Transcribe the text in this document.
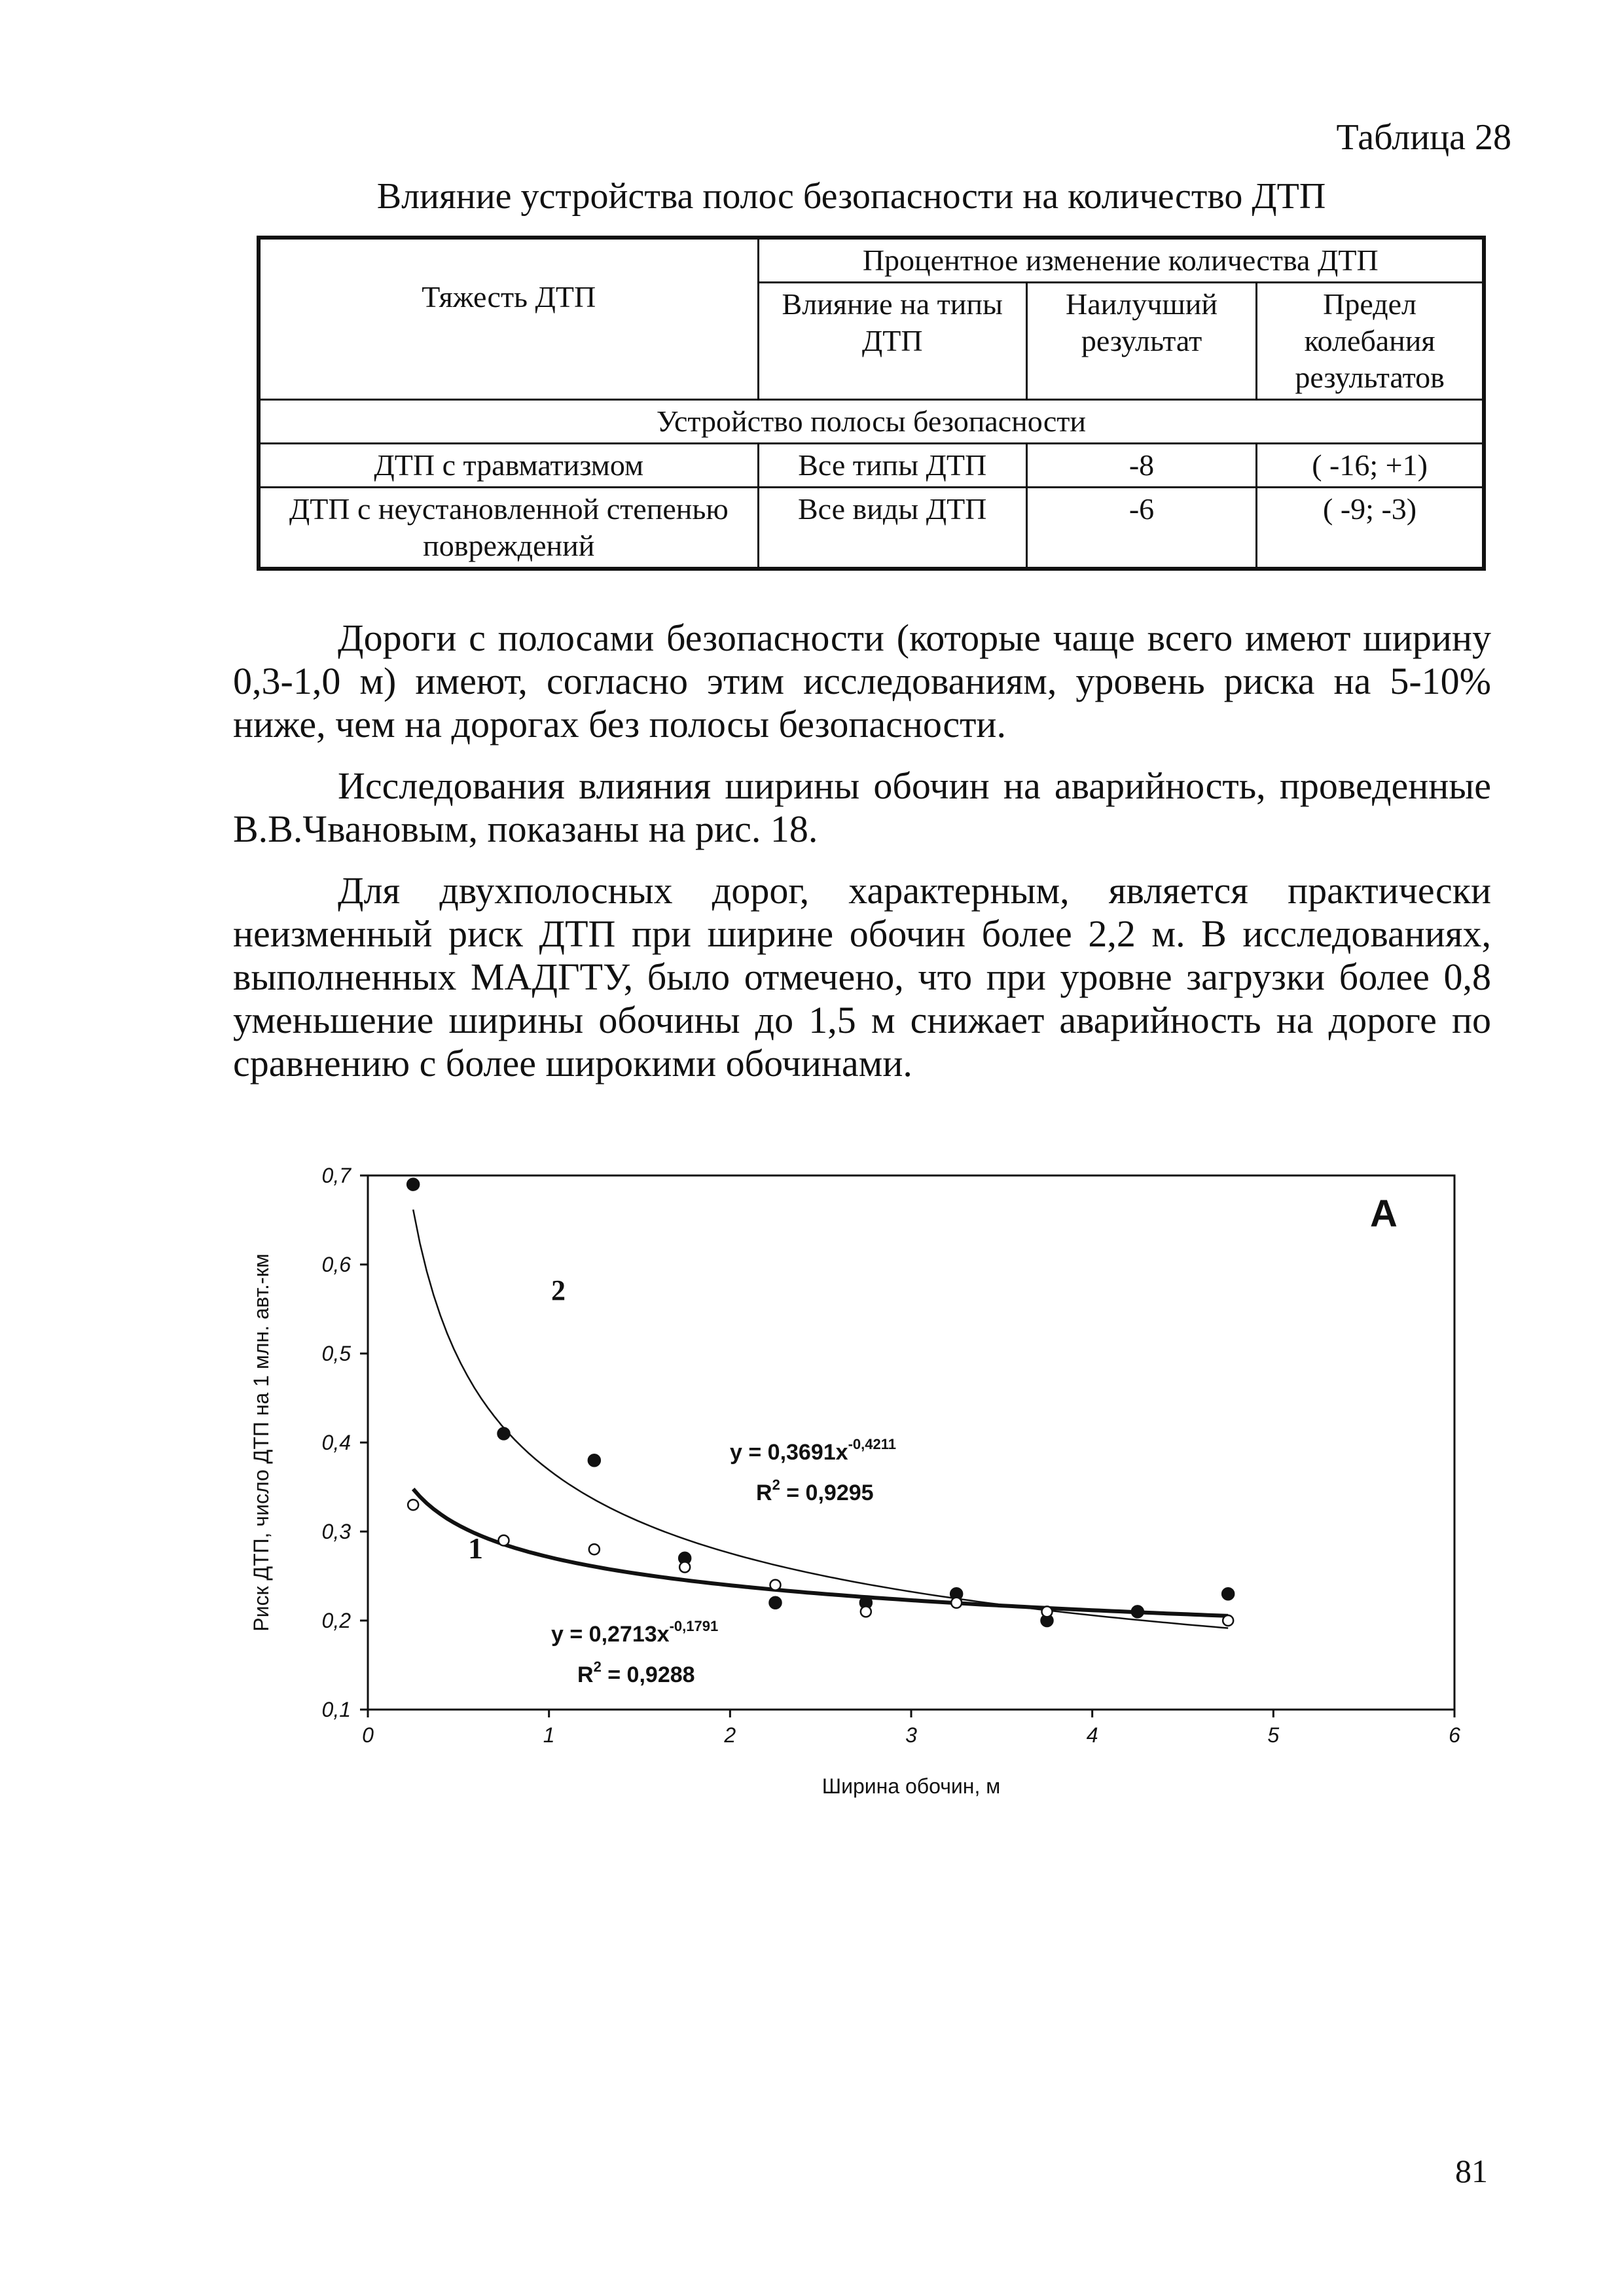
Таблица 28
Влияние устройства полос безопасности на количество ДТП
Тяжесть ДТП	Процентное изменение количества ДТП		
	Влияние на типы ДТП	Наилучший результат	Предел колебания результатов
Устройство полосы безопасности			
ДТП с травматизмом	Все типы ДТП	-8	( -16; +1)
ДТП с неустановленной степенью повреждений	Все виды ДТП	-6	( -9; -3)

Дороги с полосами безопасности (которые чаще всего имеют ширину 0,3-1,0 м) имеют, согласно этим исследованиям, уровень риска на 5-10% ниже, чем на дорогах без полосы безопасности.

Исследования влияния ширины обочин на аварийность, проведенные В.В.Чвановым, показаны на рис. 18.

Для двухполосных дорог, характерным, является практически неизменный риск ДТП при ширине обочин более 2,2 м. В исследованиях, выполненных МАДГТУ, было отмечено, что при уровне загрузки более 0,8 уменьшение ширины обочины до 1,5 м снижает аварийность на дороге по сравнению с более широкими обочинами.

0	1	2	3	4	5	6
0,1
0,2
0,3
0,4
0,5
0,6
0,7
А
2
1
$y = 0,3691x^{-0,4211}$
$R^2 = 0,9295$
$y = 0,2713x^{-0,1791}$
$R^2 = 0,9288$
Ширина обочин, м
Риск ДТП, число ДТП на 1 млн. авт.-км
81
